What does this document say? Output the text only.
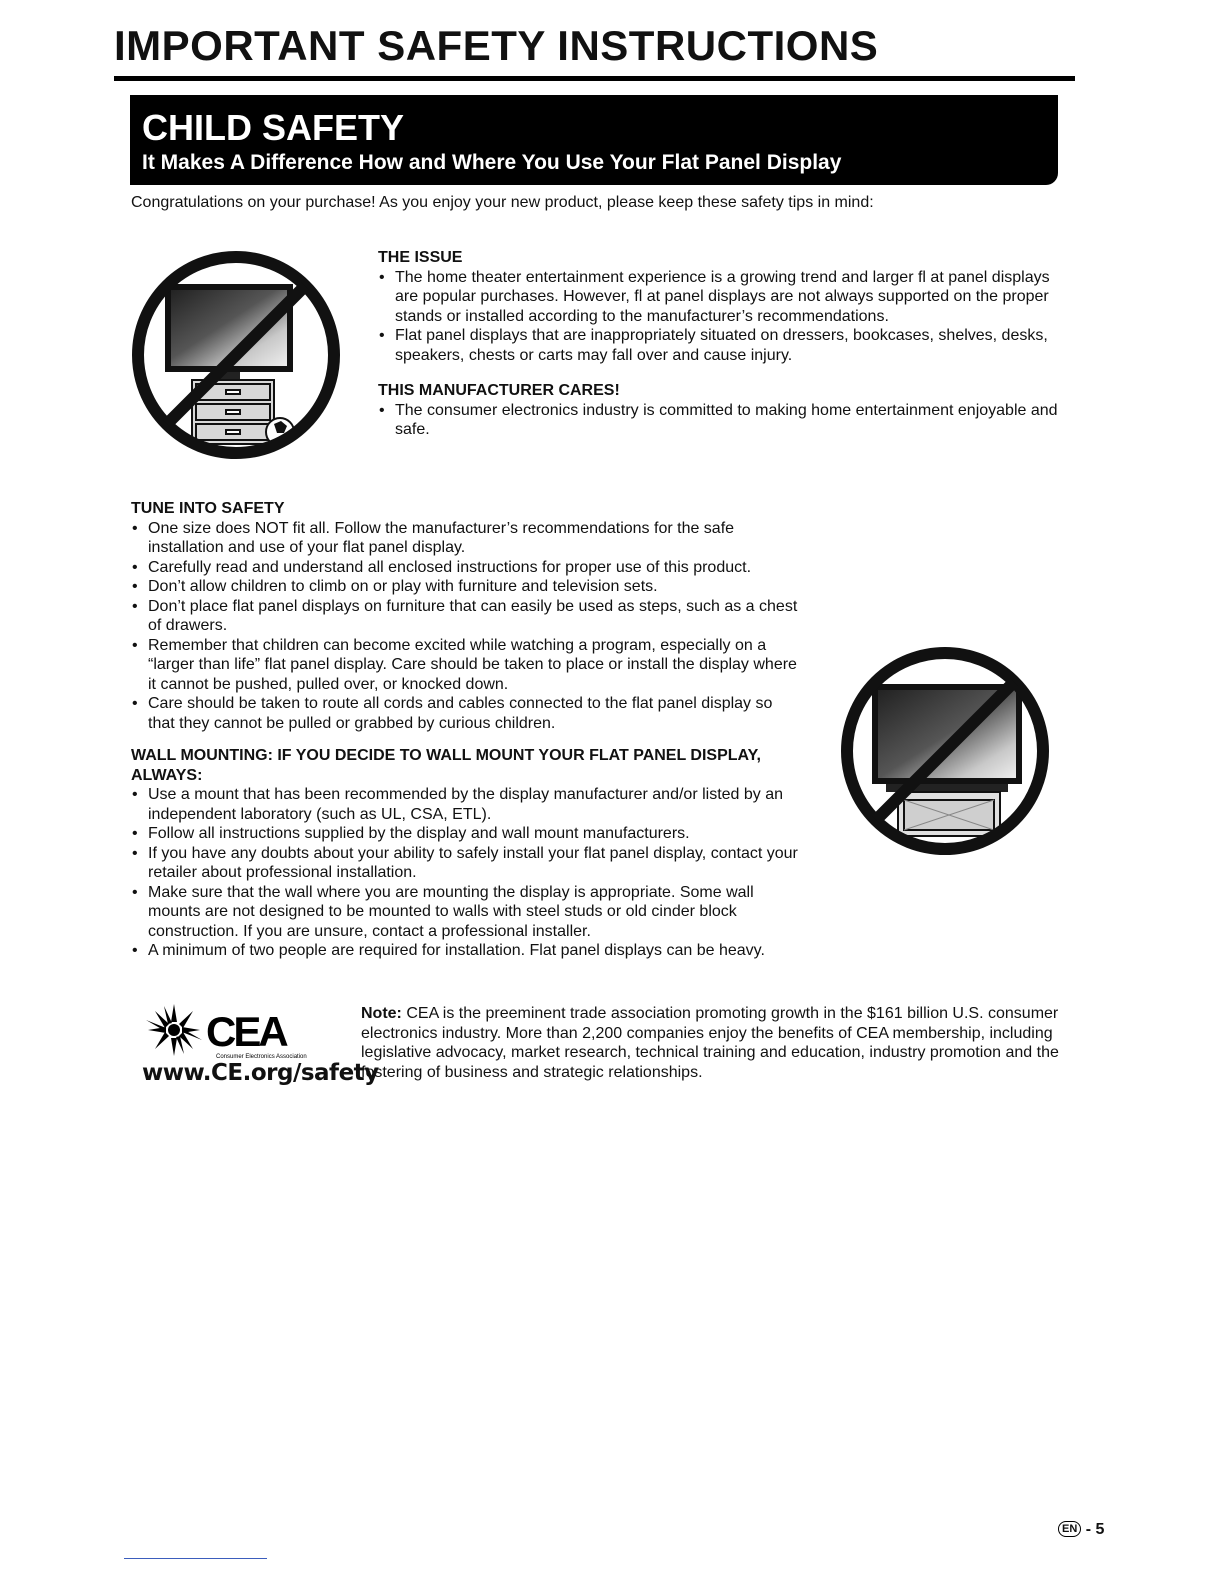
IMPORTANT SAFETY INSTRUCTIONS
CHILD SAFETY
It Makes A Difference How and Where You Use Your Flat Panel Display
Congratulations on your purchase! As you enjoy your new product, please keep these safety tips in mind:
THE ISSUE
• The home theater entertainment experience is a growing trend and larger fl at panel displays are popular purchases. However, fl at panel displays are not always supported on the proper stands or installed according to the manufacturer’s recommendations.
• Flat panel displays that are inappropriately situated on dressers, bookcases, shelves, desks, speakers, chests or carts may fall over and cause injury.
THIS MANUFACTURER CARES!
• The consumer electronics industry is committed to making home entertainment enjoyable and safe.
TUNE INTO SAFETY
• One size does NOT fit all. Follow the manufacturer’s recommendations for the safe installation and use of your flat panel display.
• Carefully read and understand all enclosed instructions for proper use of this product.
• Don’t allow children to climb on or play with furniture and television sets.
• Don’t place flat panel displays on furniture that can easily be used as steps, such as a chest of drawers.
• Remember that children can become excited while watching a program, especially on a “larger than life” flat panel display. Care should be taken to place or install the display where it cannot be pushed, pulled over, or knocked down.
• Care should be taken to route all cords and cables connected to the flat panel display so that they cannot be pulled or grabbed by curious children.
WALL MOUNTING: IF YOU DECIDE TO WALL MOUNT YOUR FLAT PANEL DISPLAY, ALWAYS:
• Use a mount that has been recommended by the display manufacturer and/or listed by an independent laboratory (such as UL, CSA, ETL).
• Follow all instructions supplied by the display and wall mount manufacturers.
• If you have any doubts about your ability to safely install your flat panel display, contact your retailer about professional installation.
• Make sure that the wall where you are mounting the display is appropriate. Some wall mounts are not designed to be mounted to walls with steel studs or old cinder block construction. If you are unsure, contact a professional installer.
• A minimum of two people are required for installation. Flat panel displays can be heavy.
CEA
Consumer Electronics Association
www.CE.org/safety
Note: CEA is the preeminent trade association promoting growth in the $161 billion U.S. consumer electronics industry. More than 2,200 companies enjoy the benefits of CEA membership, including legislative advocacy, market research, technical training and education, industry promotion and the fostering of business and strategic relationships.
EN - 5
